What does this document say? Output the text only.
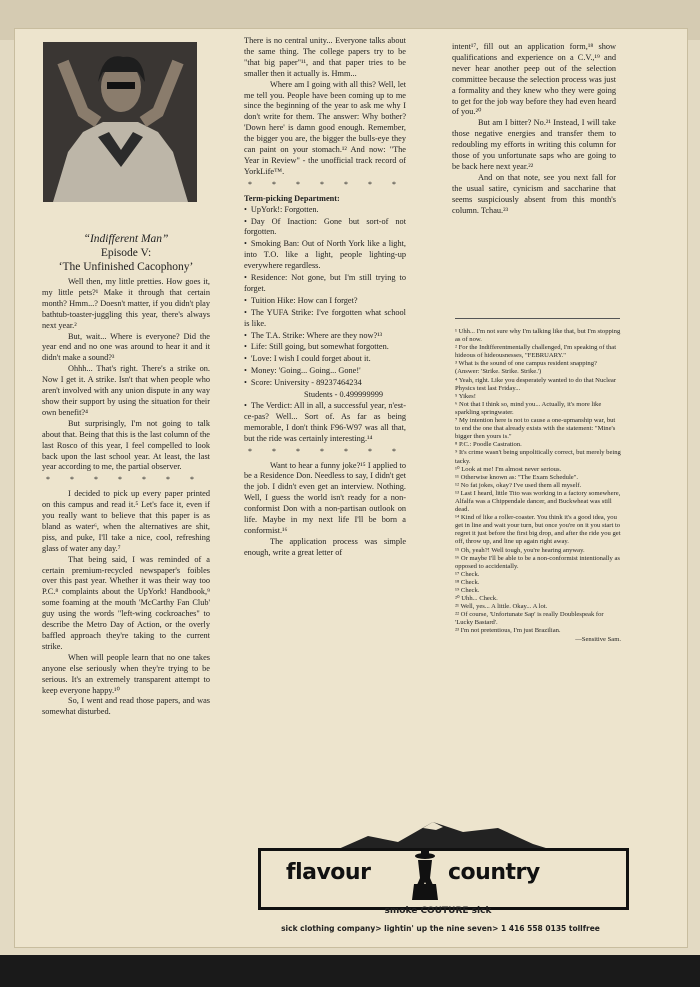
“Indifferent Man”

Episode V:

‘The Unfinished Cacophony’

Well then, my little pretties. How goes it, my little pets?¹ Make it through that certain month? Hmm...? Doesn't matter, if you didn't play bathtub-toaster-juggling this year, there's always next year.²

But, wait... Where is everyone? Did the year end and no one was around to hear it and it didn't make a sound?³

Ohhh... That's right. There's a strike on. Now I get it. A strike. Isn't that when people who aren't involved with any union dispute in any way show their support by using the situation for their own benefit?⁴

But surprisingly, I'm not going to talk about that. Being that this is the last column of the last Rosco of this year, I feel compelled to look back upon the last school year. At least, the last year according to me, the partial observer.

* * * * * * *

I decided to pick up every paper printed on this campus and read it.⁵ Let's face it, even if you really want to believe that this paper is as bland as water⁶, when the alternatives are shit, piss, and puke, I'll take a nice, cool, refreshing glass of water any day.⁷

That being said, I was reminded of a certain premium-recycled newspaper's foibles over this past year. Whether it was their way too P.C.⁸ complaints about the UpYork! Handbook,⁹ some foaming at the mouth 'McCarthy Fan Club' guy using the words "left-wing cockroaches" to describe the Metro Day of Action, or the overly baffled approach they're taking to the current strike.

When will people learn that no one takes anyone else seriously when they're trying to be serious. It's an extremely transparent attempt to keep everyone happy.¹⁰

So, I went and read those papers, and was somewhat disturbed.

There is no central unity... Everyone talks about the same thing. The college papers try to be "that big paper"¹¹, and that paper tries to be smaller then it actually is. Hmm...

Where am I going with all this? Well, let me tell you. People have been coming up to me since the beginning of the year to ask me why I don't write for them. The answer: Why bother? 'Down here' is damn good enough. Remember, the bigger you are, the bigger the bulls-eye they can paint on your stomach.¹² And now: "The Year in Review" - the unofficial track record of YorkLife™.

* * * * * * *
Term-picking Department:
• UpYork!: Forgotten.
• Day Of Inaction: Gone but sort-of not forgotten.
• Smoking Ban: Out of North York like a light, into T.O. like a light, people lighting-up everywhere regardless.
• Residence: Not gone, but I'm still trying to forget.
• Tuition Hike: How can I forget?
• The YUFA Strike: I've forgotten what school is like.
• The T.A. Strike: Where are they now?¹³
• Life: Still going, but somewhat forgotten.
• 'Love: I wish I could forget about it.
• Money: 'Going... Going... Gone!'
• Score: University - 89237464234
Students - 0.499999999
• The Verdict: All in all, a successful year, n'est-ce-pas? Well... Sort of. As far as being memorable, I don't think F96-W97 was all that, but the ride was certainly interesting.¹⁴
* * * * * * *

Want to hear a funny joke?¹⁵ I applied to be a Residence Don. Needless to say, I didn't get the job. I didn't even get an interview. Nothing. Well, I guess the world isn't ready for a non-conformist Don with a non-partisan outlook on life. Maybe in my next life I'll be born a conformist.¹⁶

The application process was simple enough, write a great letter of

intent¹⁷, fill out an application form,¹⁸ show qualifications and experience on a C.V.,¹⁹ and never hear another peep out of the selection committee because the selection process was just a formality and they knew who they were going to get for the job way before they had even heard of you.²⁰

But am I bitter? No.²¹ Instead, I will take those negative energies and transfer them to redoubling my efforts in writing this column for those of you unfortunate saps who are going to be back here next year.²²

And on that note, see you next fall for the usual satire, cynicism and saccharine that seems suspiciously absent from this month's column. Tchau.²³

¹ Uhh... I'm not sure why I'm talking like that, but I'm stopping as of now.

² For the Indifferentmentally challenged, I'm speaking of that hideous of hideousnesses, "FEBRUARY."

³ What is the sound of one campus resident snapping? (Answer: 'Strike. Strike. Strike.')

⁴ Yeah, right. Like you desperately wanted to do that Nuclear Physics test last Friday...

⁵ Yikes!

⁶ Not that I think so, mind you... Actually, it's more like sparkling springwater.

⁷ My intention here is not to cause a one-upmanship war, but to end the one that already exists with the statement: "Mine's bigger then yours is."

⁸ P.C.: Poodle Castration.

⁹ It's crime wasn't being unpolitically correct, but merely being tacky.

¹⁰ Look at me! I'm almost never serious.

¹¹ Otherwise known as: "The Exam Schedule".

¹² No fat jokes, okay? I've used them all myself.

¹³ Last I heard, little Tito was working in a factory somewhere, Alfalfa was a Chippendale dancer, and Buckwheat was still dead.

¹⁴ Kind of like a roller-coaster. You think it's a good idea, you get in line and wait your turn, but once you're on it you start to regret it just before the first big drop, and after the ride you get off, throw up, and line up again right away.

¹⁵ Oh, yeah?! Well tough, you're hearing anyway.

¹⁶ Or maybe I'll be able to be a non-conformist intentionally as opposed to accidentally.

¹⁷ Check.

¹⁸ Check.

¹⁹ Check.

²⁰ Uhh... Check.

²¹ Well, yes... A little. Okay... A lot.

²² Of course, 'Unfortunate Sap' is really Doublespeak for 'Lucky Bastard'.

²³ I'm not pretentious, I'm just Brazilian.

—Sensitive Sam.

flavour	country
smoke COUTURE sick
sick clothing company> lightin' up the nine seven> 1 416 558 0135 tollfree
